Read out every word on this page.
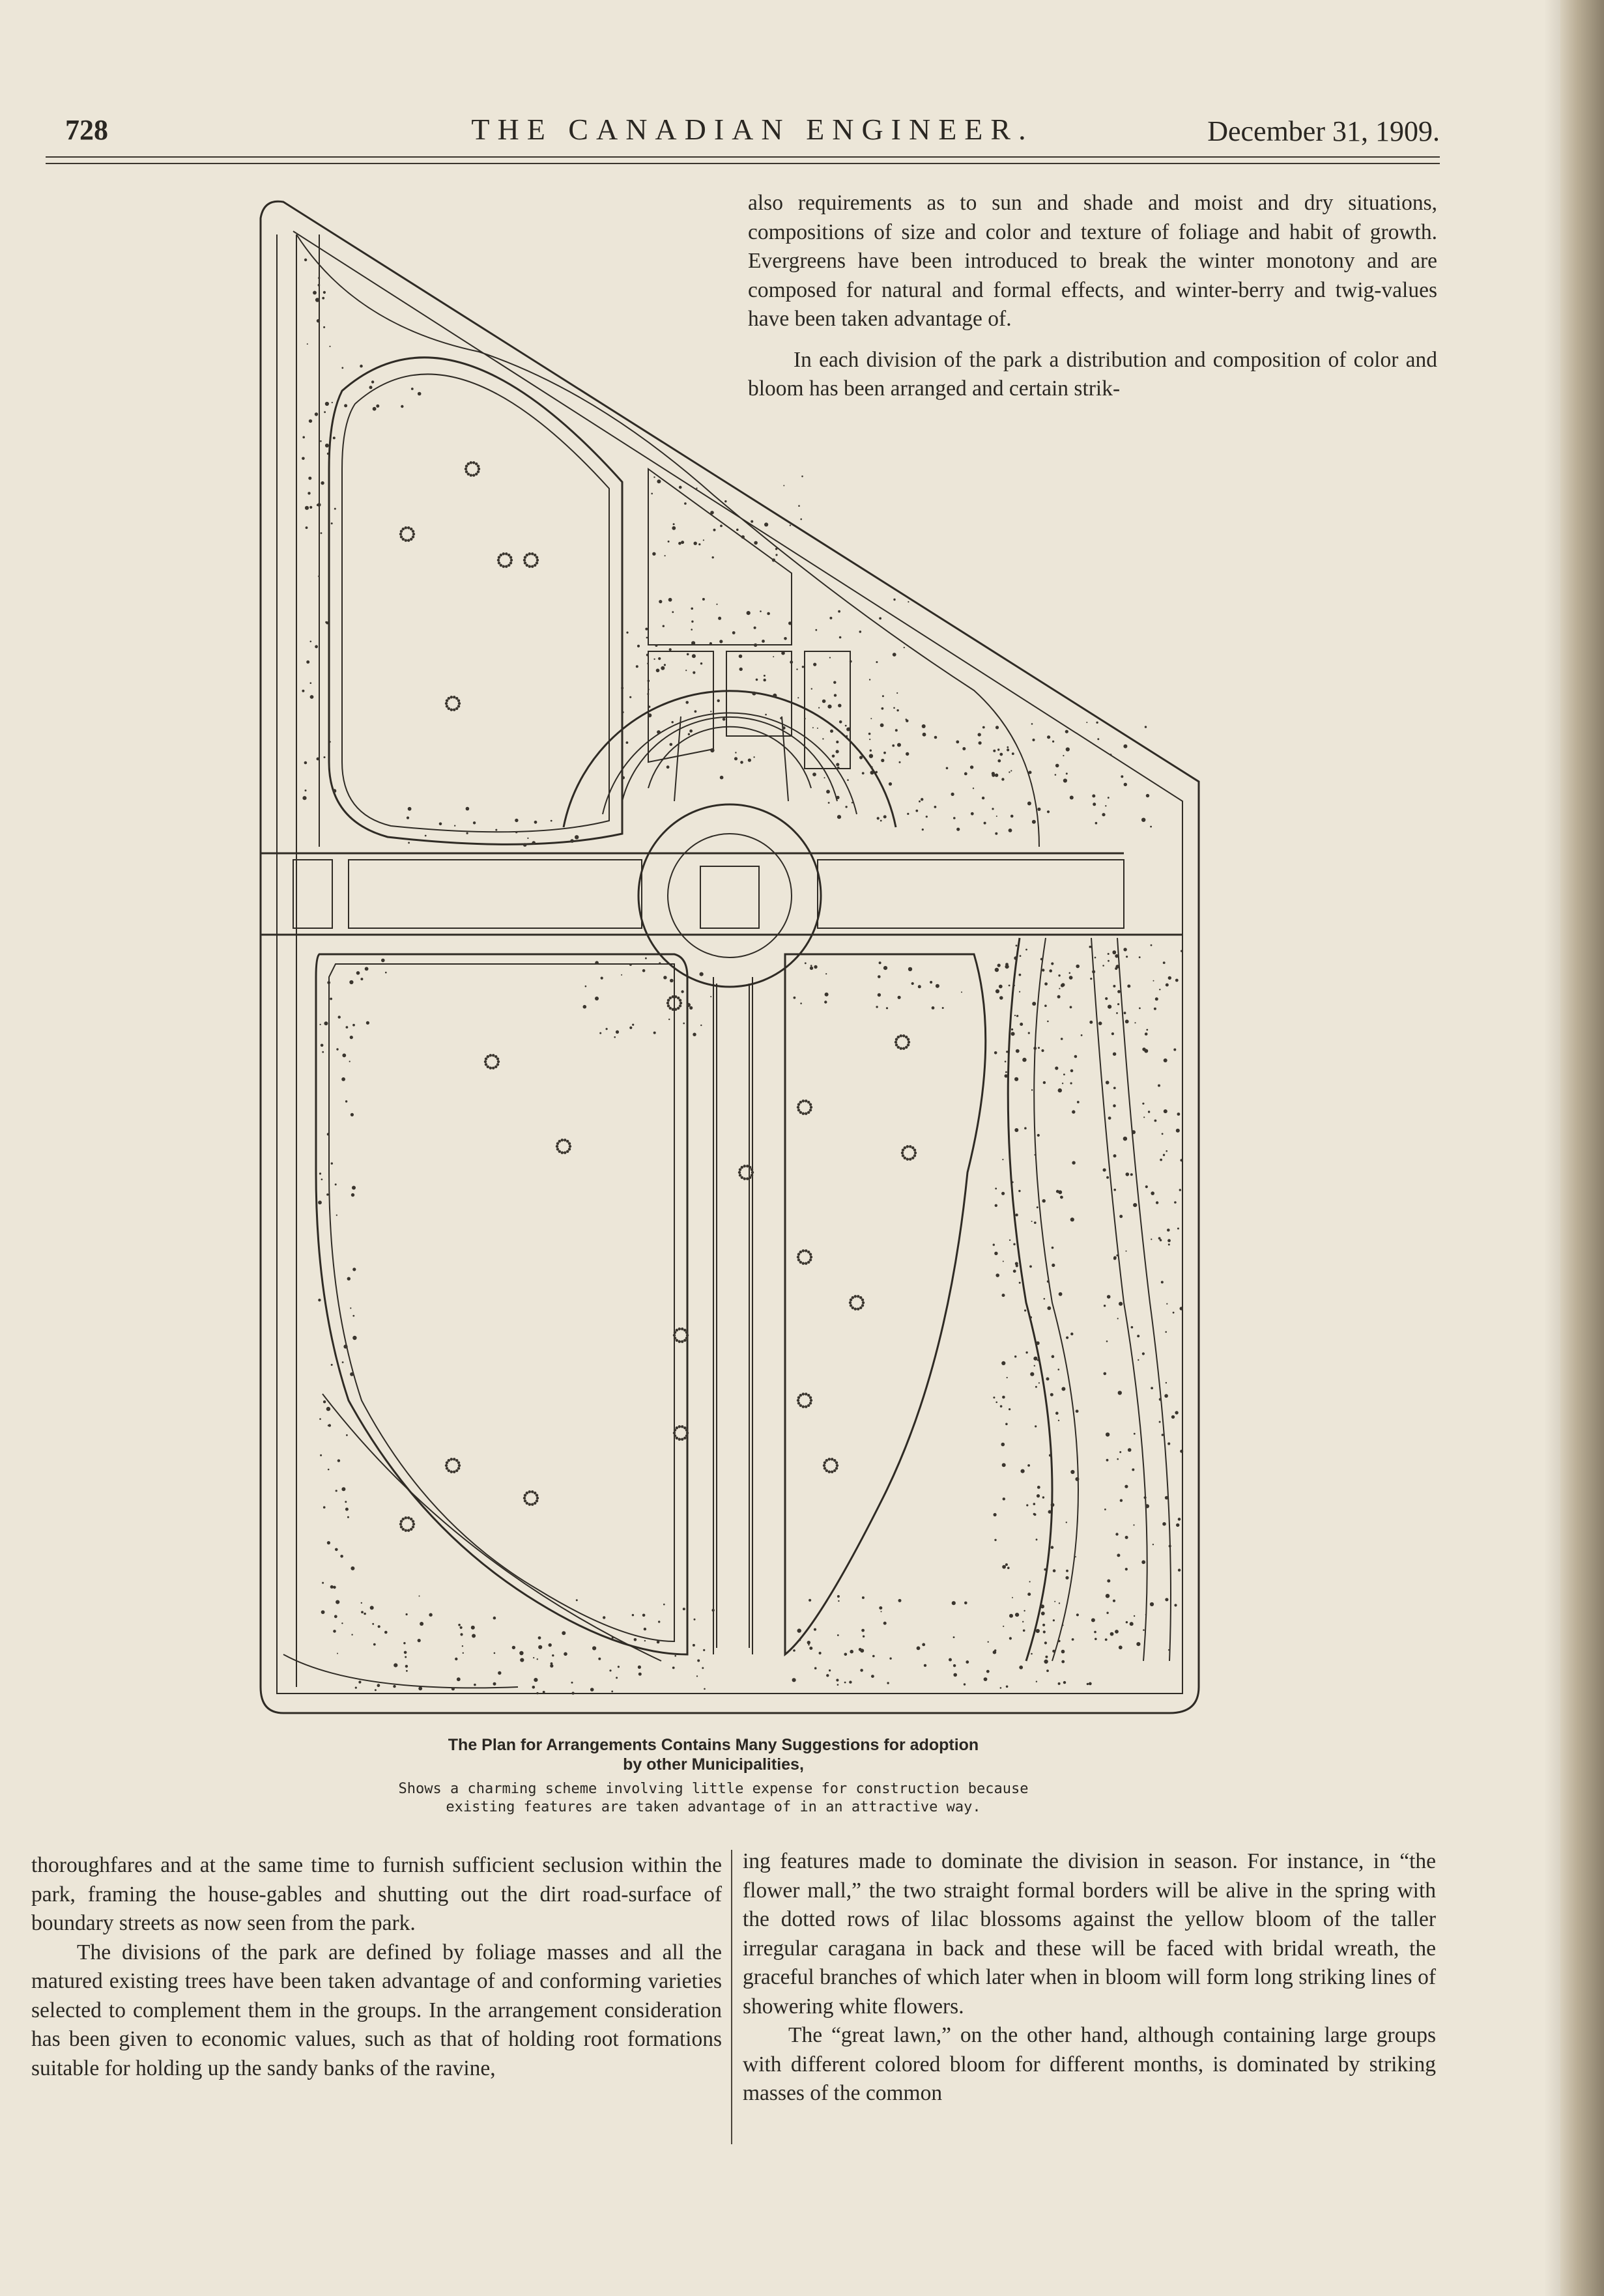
728	THE CANADIAN ENGINEER.	December 31, 1909.

also requirements as to sun and shade and moist and dry situations, compositions of size and color and texture of foliage and habit of growth. Evergreens have been introduced to break the winter monotony and are composed for natural and formal effects, and winter-berry and twig-values have been taken advantage of.

In each division of the park a distribution and composition of color and bloom has been arranged and certain strik-

The Plan for Arrangements Contains Many Suggestions for adoption
by other Municipalities,
Shows a charming scheme involving little expense for construction because
existing features are taken advantage of in an attractive way.

thoroughfares and at the same time to furnish sufficient seclusion within the park, framing the house-gables and shutting out the dirt road-surface of boundary streets as now seen from the park.

The divisions of the park are defined by foliage masses and all the matured existing trees have been taken advantage of and conforming varieties selected to complement them in the groups. In the arrangement consideration has been given to economic values, such as that of holding root formations suitable for holding up the sandy banks of the ravine,

ing features made to dominate the division in season. For instance, in “the flower mall,” the two straight formal borders will be alive in the spring with the dotted rows of lilac blossoms against the yellow bloom of the taller irregular caragana in back and these will be faced with bridal wreath, the graceful branches of which later when in bloom will form long striking lines of showering white flowers.

The “great lawn,” on the other hand, although containing large groups with different colored bloom for different months, is dominated by striking masses of the common
